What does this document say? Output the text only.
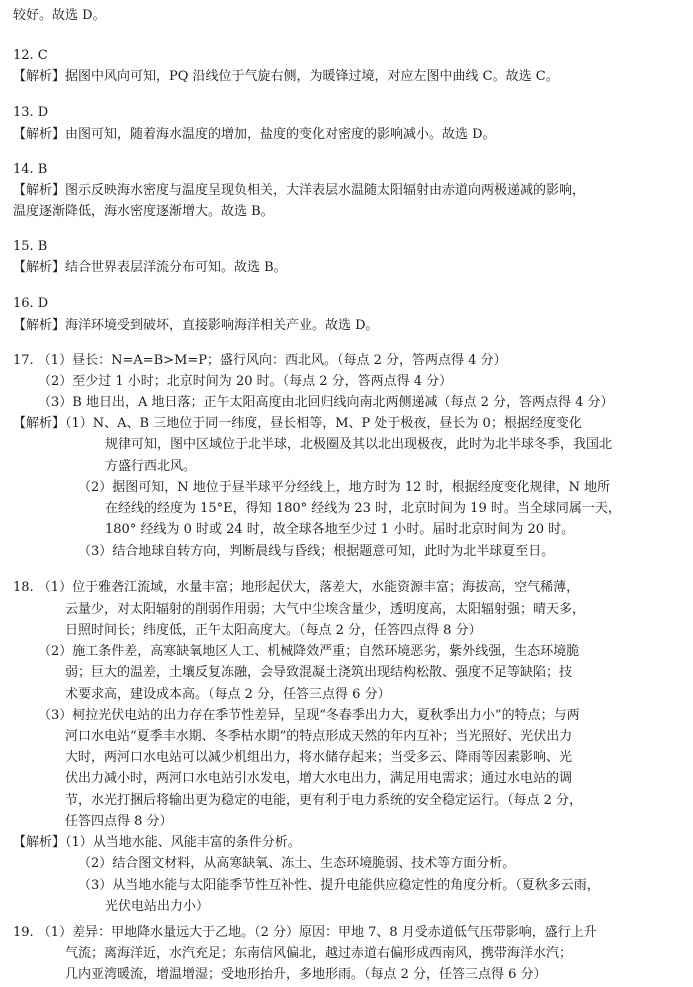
较好。故选 D。
12. C
【解析】据图中风向可知，PQ 沿线位于气旋右侧，为暖锋过境，对应左图中曲线 C。故选 C。
13. D
【解析】由图可知，随着海水温度的增加，盐度的变化对密度的影响减小。故选 D。
14. B
【解析】图示反映海水密度与温度呈现负相关，大洋表层水温随太阳辐射由赤道向两极递减的影响，
温度逐渐降低，海水密度逐渐增大。故选 B。
15. B
【解析】结合世界表层洋流分布可知。故选 B。
16. D
【解析】海洋环境受到破坏，直接影响海洋相关产业。故选 D。
17. （1）昼长：N=A=B>M=P；盛行风向：西北风。（每点 2 分，答两点得 4 分）
（2）至少过 1 小时；北京时间为 20 时。（每点 2 分，答两点得 4 分）
（3）B 地日出，A 地日落；正午太阳高度由北回归线向南北两侧递减（每点 2 分，答两点得 4 分）
【解析】（1）N、A、B 三地位于同一纬度，昼长相等，M、P 处于极夜，昼长为 0；根据经度变化
规律可知，图中区域位于北半球，北极圈及其以北出现极夜，此时为北半球冬季，我国北
方盛行西北风。
（2）据图可知，N 地位于昼半球平分经线上，地方时为 12 时，根据经度变化规律，N 地所
在经线的经度为 15°E，得知 180° 经线为 23 时，北京时间为 19 时。当全球同属一天，
180° 经线为 0 时或 24 时，故全球各地至少过 1 小时。届时北京时间为 20 时。
（3）结合地球自转方向，判断晨线与昏线；根据题意可知，此时为北半球夏至日。
18. （1）位于雅砻江流域，水量丰富；地形起伏大，落差大，水能资源丰富；海拔高，空气稀薄，
云量少，对太阳辐射的削弱作用弱；大气中尘埃含量少，透明度高，太阳辐射强；晴天多，
日照时间长；纬度低，正午太阳高度大。（每点 2 分，任答四点得 8 分）
（2）施工条件差，高寒缺氧地区人工、机械降效严重；自然环境恶劣，紫外线强，生态环境脆
弱；巨大的温差，土壤反复冻融，会导致混凝土浇筑出现结构松散、强度不足等缺陷；技
术要求高，建设成本高。（每点 2 分，任答三点得 6 分）
（3）柯拉光伏电站的出力存在季节性差异，呈现“冬春季出力大，夏秋季出力小”的特点；与两
河口水电站“夏季丰水期、冬季枯水期”的特点形成天然的年内互补；当光照好、光伏出力
大时，两河口水电站可以减少机组出力，将水储存起来；当受多云、降雨等因素影响、光
伏出力减小时，两河口水电站引水发电，增大水电出力，满足用电需求；通过水电站的调
节，水光打捆后将输出更为稳定的电能，更有利于电力系统的安全稳定运行。（每点 2 分，
任答四点得 8 分）
【解析】（1）从当地水能、风能丰富的条件分析。
（2）结合图文材料，从高寒缺氧、冻土、生态环境脆弱、技术等方面分析。
（3）从当地水能与太阳能季节性互补性、提升电能供应稳定性的角度分析。（夏秋多云雨，
光伏电站出力小）
19. （1）差异：甲地降水量远大于乙地。（2 分）原因：甲地 7、8 月受赤道低气压带影响，盛行上升
气流；离海洋近，水汽充足；东南信风偏北，越过赤道右偏形成西南风，携带海洋水汽；
几内亚湾暖流，增温增湿；受地形抬升，多地形雨。（每点 2 分，任答三点得 6 分）
